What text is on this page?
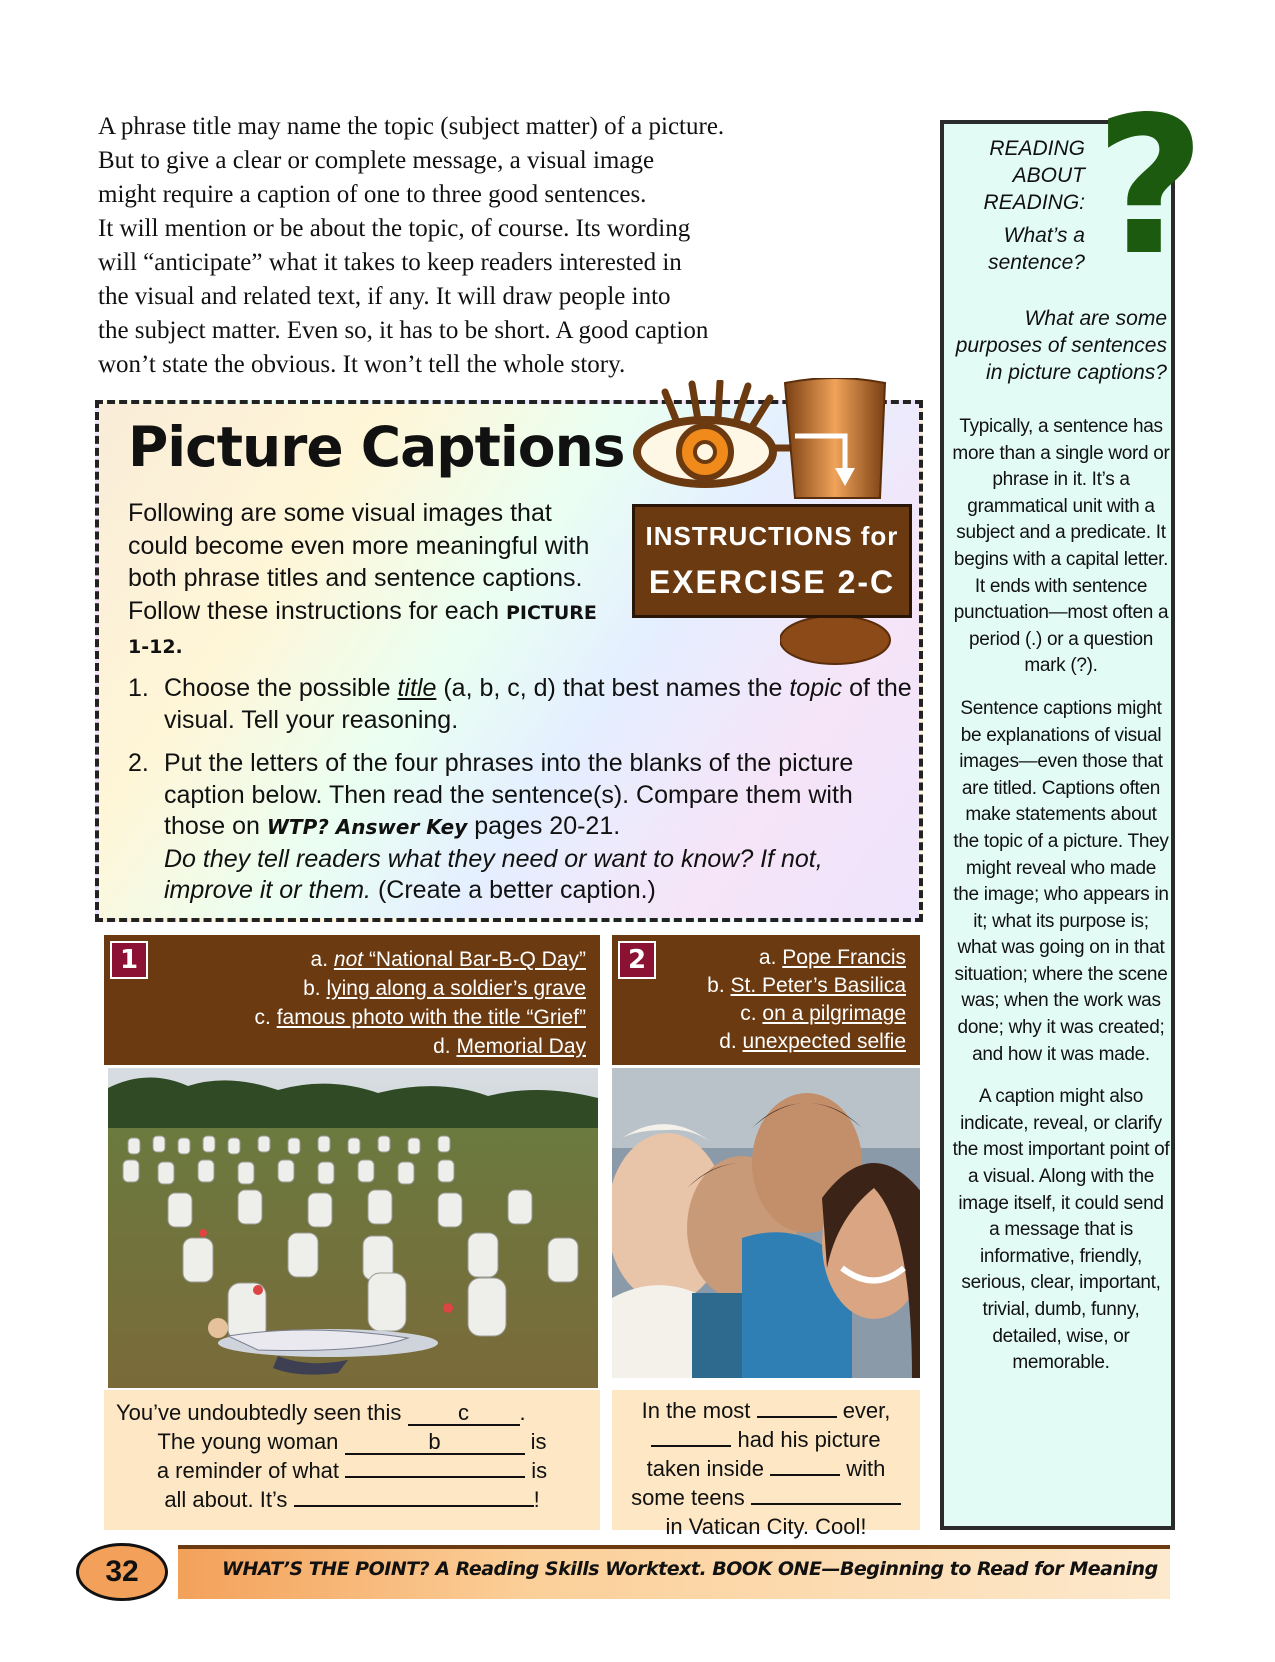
A phrase title may name the topic (subject matter) of a picture.

But to give a clear or complete message, a visual image

might require a caption of one to three good sentences.

It will mention or be about the topic, of course. Its wording

will “anticipate” what it takes to keep readers interested in

the visual and related text, if any. It will draw people into

the subject matter. Even so, it has to be short. A good caption

won’t state the obvious. It won’t tell the whole story.

?
READING
ABOUT
READING:
What’s a
sentence?
What are some
purposes of sentences
in picture captions?

Typically, a sentence has more than a single word or phrase in it. It’s a grammatical unit with a subject and a predicate. It begins with a capital letter. It ends with sentence punctuation—most often a period (.) or a question mark (?).

Sentence captions might be explanations of visual images—even those that are titled. Captions often make statements about the topic of a picture. They might reveal who made the image; who appears in it; what its purpose is; what was going on in that situation; where the scene was; when the work was done; why it was created; and how it was made.

A caption might also indicate, reveal, or clarify the most important point of a visual. Along with the image itself, it could send a message that is informative, friendly, serious, clear, important, trivial, dumb, funny, detailed, wise, or memorable.

Picture Captions
INSTRUCTIONS for
EXERCISE 2-C
Following are some visual images that could become even more meaningful with both phrase titles and sentence captions. Follow these instructions for each PICTURE 1-12.
1. Choose the possible title (a, b, c, d) that best names the topic of the visual. Tell your reasoning.
2. Put the letters of the four phrases into the blanks of the picture caption below. Then read the sentence(s). Compare them with those on WTP? Answer Key pages 20-21.
Do they tell readers what they need or want to know? If not, improve it or them. (Create a better caption.)
1	a. not “National Bar-B-Q Day”
b. lying along a soldier’s grave
c. famous photo with the title “Grief”
d. Memorial Day
You’ve undoubtedly seen this	c .
The young woman	b	is
a reminder of what	is
all about. It’s	!
2	a. Pope Francis
b. St. Peter’s Basilica
c. on a pilgrimage
d. unexpected selfie
In the most	ever,
had his picture
taken inside	with
some teens
in Vatican City. Cool!
WHAT’S THE POINT? A Reading Skills Worktext. BOOK ONE—Beginning to Read for Meaning
32
